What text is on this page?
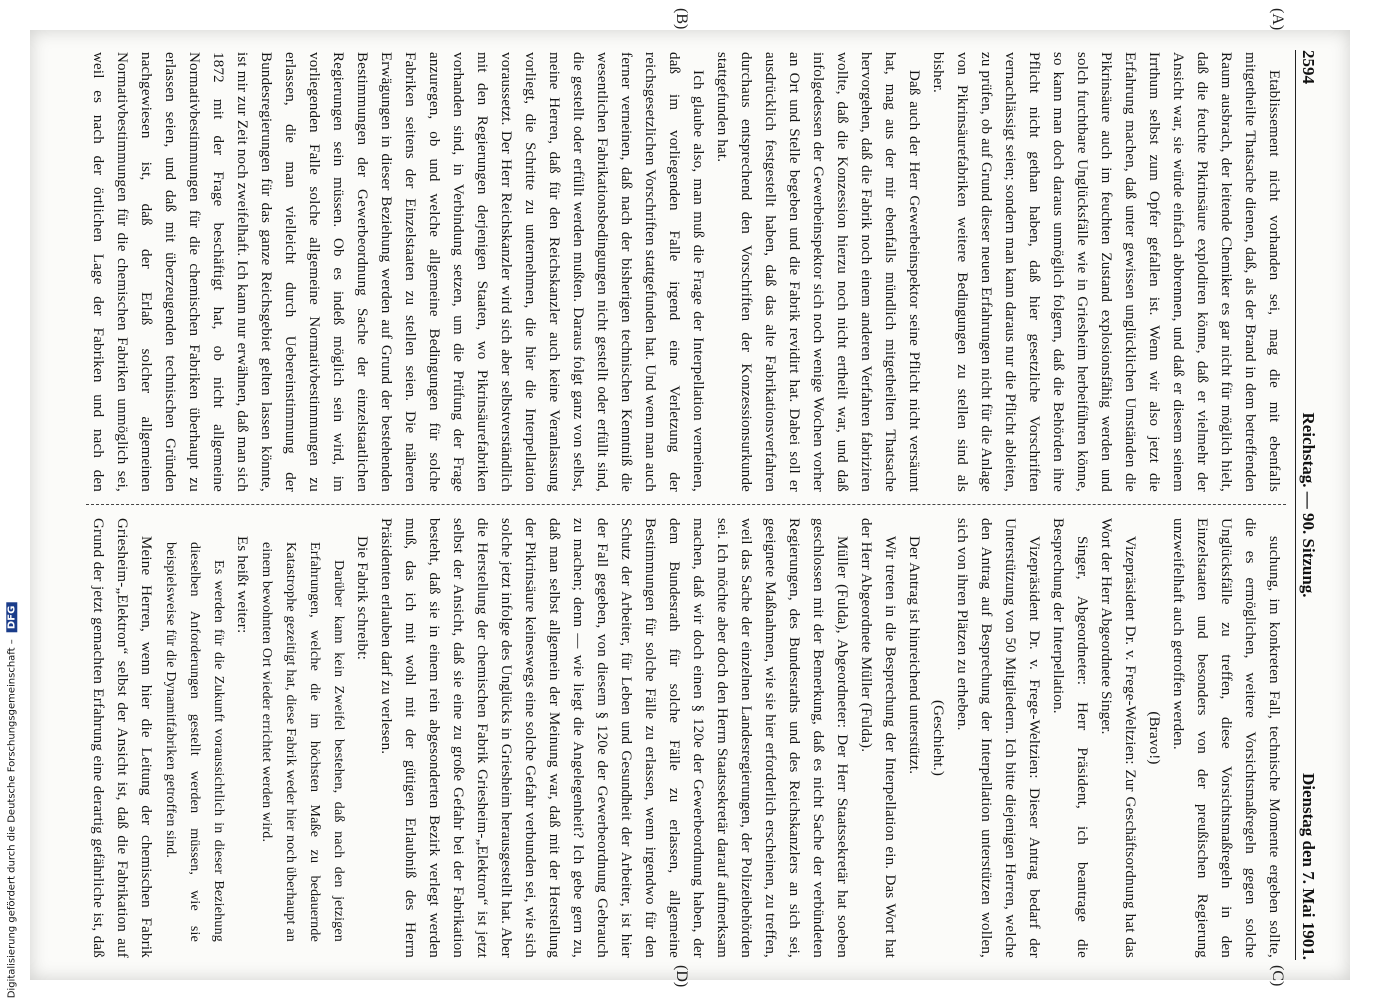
2594
Reichstag. — 90. Sitzung.
Dienstag den 7. Mai 1901.
(A)
(B)
(C)
(D)

Etablissement nicht vorhanden sei, mag die mit ebenfalls mitgetheilte Thatsache dienen, daß, als der Brand in dem betreffenden Raum ausbrach, der leitende Chemiker es gar nicht für möglich hielt, daß die feuchte Pikrinsäure explodiren könne, daß er vielmehr der Ansicht war, sie würde einfach abbrennen, und daß er diesem seinem Irrthum selbst zum Opfer gefallen ist. Wenn wir also jetzt die Erfahrung machen, daß unter gewissen unglücklichen Umständen die Pikrinsäure auch im feuchten Zustand explosionsfähig werden und solch furchtbare Unglücksfälle wie in Griesheim herbeiführen könne, so kann man doch daraus unmöglich folgern, daß die Behörden ihre Pflicht nicht gethan haben, daß hier gesetzliche Vorschriften vernachlässigt seien; sondern man kann daraus nur die Pflicht ableiten, zu prüfen, ob auf Grund dieser neuen Erfahrungen nicht für die Anlage von Pikrinsäurefabriken weitere Bedingungen zu stellen sind als bisher.

Daß auch der Herr Gewerbeinspektor seine Pflicht nicht versäumt hat, mag aus der mir ebenfalls mündlich mitgetheilten Thatsache hervorgehen, daß die Fabrik noch einem anderen Verfahren fabriziren wollte, daß die Konzession hierzu noch nicht ertheilt war, und daß infolgedessen der Gewerbeinspektor sich noch wenige Wochen vorher an Ort und Stelle begeben und die Fabrik revidirt hat. Dabei soll er ausdrücklich festgestellt haben, daß das alte Fabrikationsverfahren durchaus entsprechend den Vorschriften der Konzessionsurkunde stattgefunden hat.

Ich glaube also, man muß die Frage der Interpellation verneinen, daß im vorliegenden Falle irgend eine Verletzung der reichsgesetzlichen Vorschriften stattgefunden hat. Und wenn man auch ferner verneinen, daß nach der bisherigen technischen Kenntniß die wesentlichen Fabrikationsbedingungen nicht gestellt oder erfüllt sind, die gestellt oder erfüllt werden mußten. Daraus folgt ganz von selbst, meine Herren, daß für den Reichskanzler auch keine Veranlassung vorliegt, die Schritte zu unternehmen, die hier die Interpellation voraussetzt. Der Herr Reichskanzler wird sich aber selbstverständlich mit den Regierungen derjenigen Staaten, wo Pikrinsäurefabriken vorhanden sind, in Verbindung setzen, um die Prüfung der Frage anzuregen, ob und welche allgemeine Bedingungen für solche Fabriken seitens der Einzelstaaten zu stellen seien. Die näheren Erwägungen in dieser Beziehung werden auf Grund der bestehenden Bestimmungen der Gewerbeordnung Sache der einzelstaatlichen Regierungen sein müssen. Ob es indeß möglich sein wird, im vorliegenden Falle solche allgemeine Normativbestimmungen zu erlassen, die man vielleicht durch Uebereinstimmung der Bundesregierungen für das ganze Reichsgebiet gelten lassen könnte, ist mir zur Zeit noch zweifelhaft. Ich kann nur erwähnen, daß man sich 1872 mit der Frage beschäftigt hat, ob nicht allgemeine Normativbestimmungen für die chemischen Fabriken überhaupt zu erlassen seien, und daß mit überzeugenden technischen Gründen nachgewiesen ist, daß der Erlaß solcher allgemeinen Normativbestimmungen für die chemischen Fabriken unmöglich sei, weil es nach der örtlichen Lage der Fabriken und nach den

suchung, im konkreten Fall, technische Momente ergeben sollte, die es ermöglichen, weitere Vorsichtsmaßregeln gegen solche Unglücksfälle zu treffen, diese Vorsichtsmaßregeln in den Einzelstaaten und besonders von der preußischen Regierung unzweifelhaft auch getroffen werden.

(Bravo!)

Vizepräsident Dr. v. Frege-Weltzien: Zur Geschäftsordnung hat das Wort der Herr Abgeordnete Singer.

Singer, Abgeordneter: Herr Präsident, ich beantrage die Besprechung der Interpellation.

Vizepräsident Dr. v. Frege-Weltzien: Dieser Antrag bedarf der Unterstützung von 50 Mitgliedern. Ich bitte diejenigen Herren, welche den Antrag auf Besprechung der Interpellation unterstützen wollen, sich von ihren Plätzen zu erheben.

(Geschieht.)

Der Antrag ist hinreichend unterstützt.

Wir treten in die Besprechung der Interpellation ein. Das Wort hat der Herr Abgeordnete Müller (Fulda).

Müller (Fulda), Abgeordneter: Der Herr Staatssekretär hat soeben geschlossen mit der Bemerkung, daß es nicht Sache der verbündeten Regierungen, des Bundesraths und des Reichskanzlers an sich sei, geeignete Maßnahmen, wie sie hier erforderlich erscheinen, zu treffen, weil das Sache der einzelnen Landesregierungen, der Polizeibehörden sei. Ich möchte aber doch den Herrn Staatssekretär darauf aufmerksam machen, daß wir doch einen § 120e der Gewerbeordnung haben, der dem Bundesrath für solche Fälle zu erlassen, allgemeine Bestimmungen für solche Fälle zu erlassen, wenn irgendwo für den Schutz der Arbeiter, für Leben und Gesundheit der Arbeiter, ist hier der Fall gegeben, von diesem § 120e der Gewerbeordnung Gebrauch zu machen; denn — wie liegt die Angelegenheit? Ich gebe gern zu, daß man selbst allgemein der Meinung war, daß mit der Herstellung der Pikrinsäure keineswegs eine solche Gefahr verbunden sei, wie sich solche jetzt infolge des Unglücks in Griesheim herausgestellt hat. Aber die Herstellung der chemischen Fabrik Griesheim-„Elektron“ ist jetzt selbst der Ansicht, daß sie eine zu große Gefahr bei der Fabrikation besteht, daß sie in einem rein abgesonderten Bezirk verlegt werden muß, das ich mit wohl mit der gütigen Erlaubniß des Herrn Präsidenten erlauben darf zu verlesen.

Die Fabrik schreibt:

Darüber kann kein Zweifel bestehen, daß nach den jetzigen Erfahrungen, welche die im höchsten Maße zu bedauernde Katastrophe gezeitigt hat, diese Fabrik weder hier noch überhaupt an einem bewohnten Ort wieder errichtet werden wird.

Es heißt weiter:

Es werden für die Zukunft voraussichtlich in dieser Beziehung dieselben Anforderungen gestellt werden müssen, wie sie beispielsweise für die Dynamitfabriken getroffen sind.

Meine Herren, wenn hier die Leitung der chemischen Fabrik Griesheim-„Elektron“ selbst der Ansicht ist, daß die Fabrikation auf Grund der jetzt gemachten Erfahrung eine derartig gefährliche ist, daß

Digitalisierung gefördert durch die Deutsche Forschungsgemeinschaft – DFG
